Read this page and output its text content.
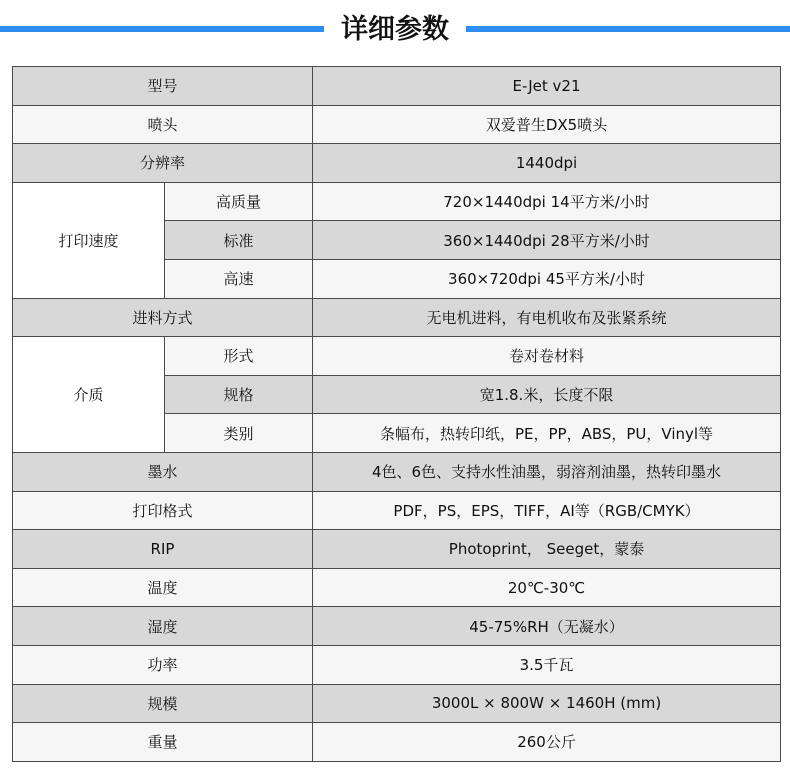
详细参数
型号		E-Jet v21
喷头		双爱普生DX5喷头
分辨率		1440dpi
打印速度	高质量	720×1440dpi 14平方米/小时
	标准	360×1440dpi 28平方米/小时
	高速	360×720dpi 45平方米/小时
进料方式		无电机进料，有电机收布及张紧系统
介质	形式	卷对卷材料
	规格	宽1.8.米，长度不限
	类别	条幅布，热转印纸，PE，PP，ABS，PU，Vinyl等
墨水		4色、6色、支持水性油墨，弱溶剂油墨，热转印墨水
打印格式		PDF，PS，EPS，TIFF，AI等（RGB/CMYK）
RIP		Photoprint， Seeget，蒙泰
温度		20℃-30℃
湿度		45-75%RH（无凝水）
功率		3.5千瓦
规模		3000L × 800W × 1460H (mm)
重量		260公斤
